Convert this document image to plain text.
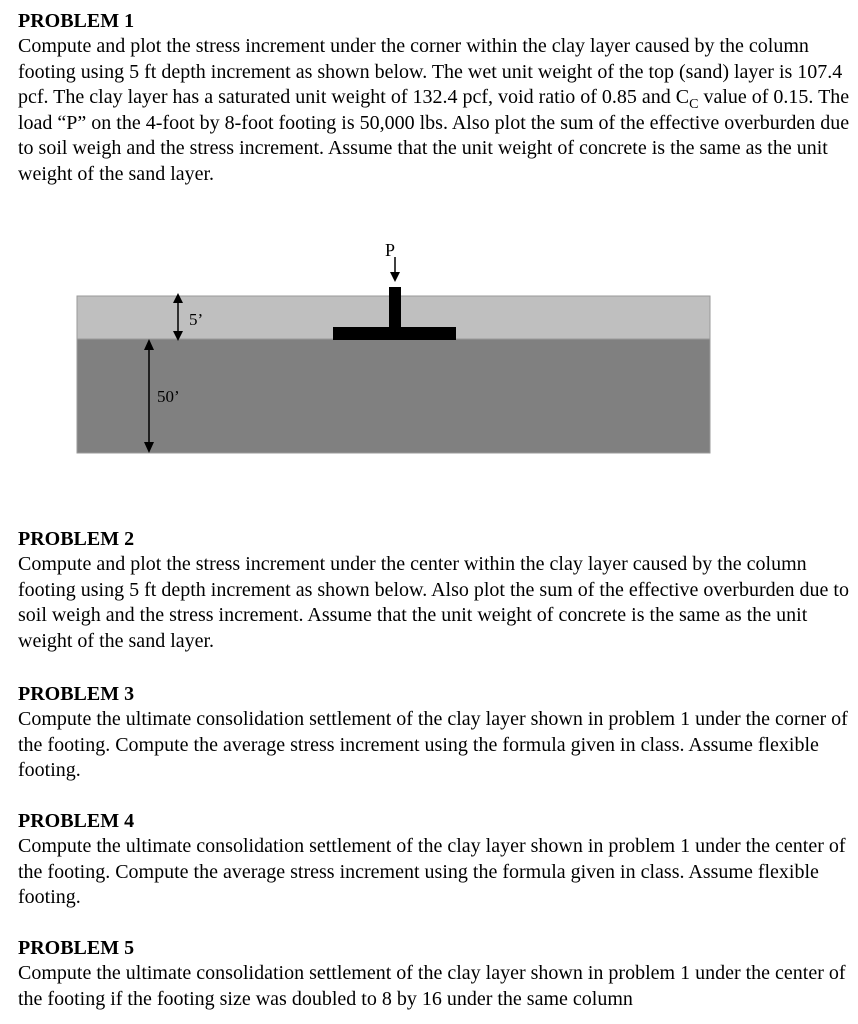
PROBLEM 1

Compute and plot the stress increment under the corner within the clay layer caused by the column footing using 5 ft depth increment as shown below. The wet unit weight of the top (sand) layer is 107.4 pcf. The clay layer has a saturated unit weight of 132.4 pcf, void ratio of 0.85 and $C_C$ value of 0.15. The load “P” on the 4-foot by 8-foot footing is 50,000 lbs. Also plot the sum of the effective overburden due to soil weigh and the stress increment. Assume that the unit weight of concrete is the same as the unit weight of the sand layer.

PROBLEM 2

Compute and plot the stress increment under the center within the clay layer caused by the column footing using 5 ft depth increment as shown below. Also plot the sum of the effective overburden due to soil weigh and the stress increment. Assume that the unit weight of concrete is the same as the unit weight of the sand layer.

PROBLEM 3

Compute the ultimate consolidation settlement of the clay layer shown in problem 1 under the corner of the footing. Compute the average stress increment using the formula given in class. Assume flexible footing.

PROBLEM 4

Compute the ultimate consolidation settlement of the clay layer shown in problem 1 under the center of the footing. Compute the average stress increment using the formula given in class. Assume flexible footing.

PROBLEM 5

Compute the ultimate consolidation settlement of the clay layer shown in problem 1 under the center of the footing if the footing size was doubled to 8 by 16 under the same column

P
5’
50’
